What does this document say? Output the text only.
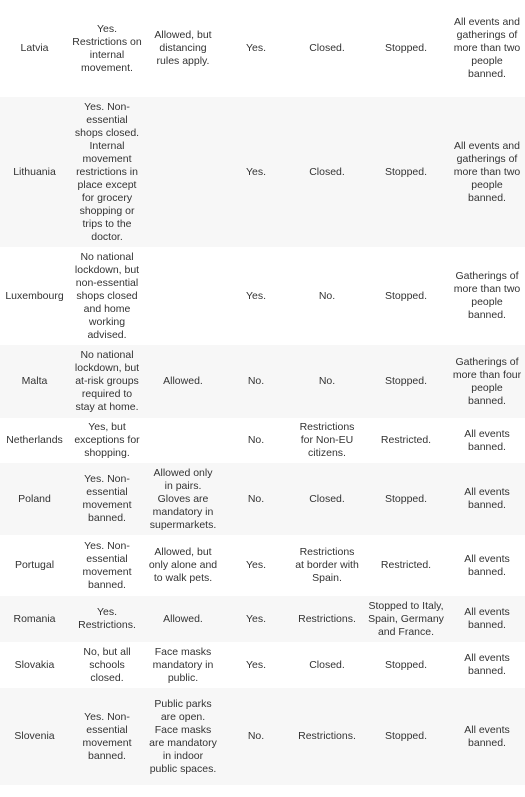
Latvia	Yes. Restrictions on internal movement.	Allowed, but distancing rules apply.	Yes.	Closed.	Stopped.	All events and gatherings of more than two people banned.
Lithuania	Yes. Non-essential shops closed. Internal movement restrictions in place except for grocery shopping or trips to the doctor.		Yes.	Closed.	Stopped.	All events and gatherings of more than two people banned.
Luxembourg	No national lockdown, but non-essential shops closed and home working advised.		Yes.	No.	Stopped.	Gatherings of more than two people banned.
Malta	No national lockdown, but at-risk groups required to stay at home.	Allowed.	No.	No.	Stopped.	Gatherings of more than four people banned.
Netherlands	Yes, but exceptions for shopping.		No.	Restrictions for Non-EU citizens.	Restricted.	All events banned.
Poland	Yes. Non-essential movement banned.	Allowed only in pairs. Gloves are mandatory in supermarkets.	No.	Closed.	Stopped.	All events banned.
Portugal	Yes. Non-essential movement banned.	Allowed, but only alone and to walk pets.	Yes.	Restrictions at border with Spain.	Restricted.	All events banned.
Romania	Yes. Restrictions.	Allowed.	Yes.	Restrictions.	Stopped to Italy, Spain, Germany and France.	All events banned.
Slovakia	No, but all schools closed.	Face masks mandatory in public.	Yes.	Closed.	Stopped.	All events banned.
Slovenia	Yes. Non-essential movement banned.	Public parks are open. Face masks are mandatory in indoor public spaces.	No.	Restrictions.	Stopped.	All events banned.
